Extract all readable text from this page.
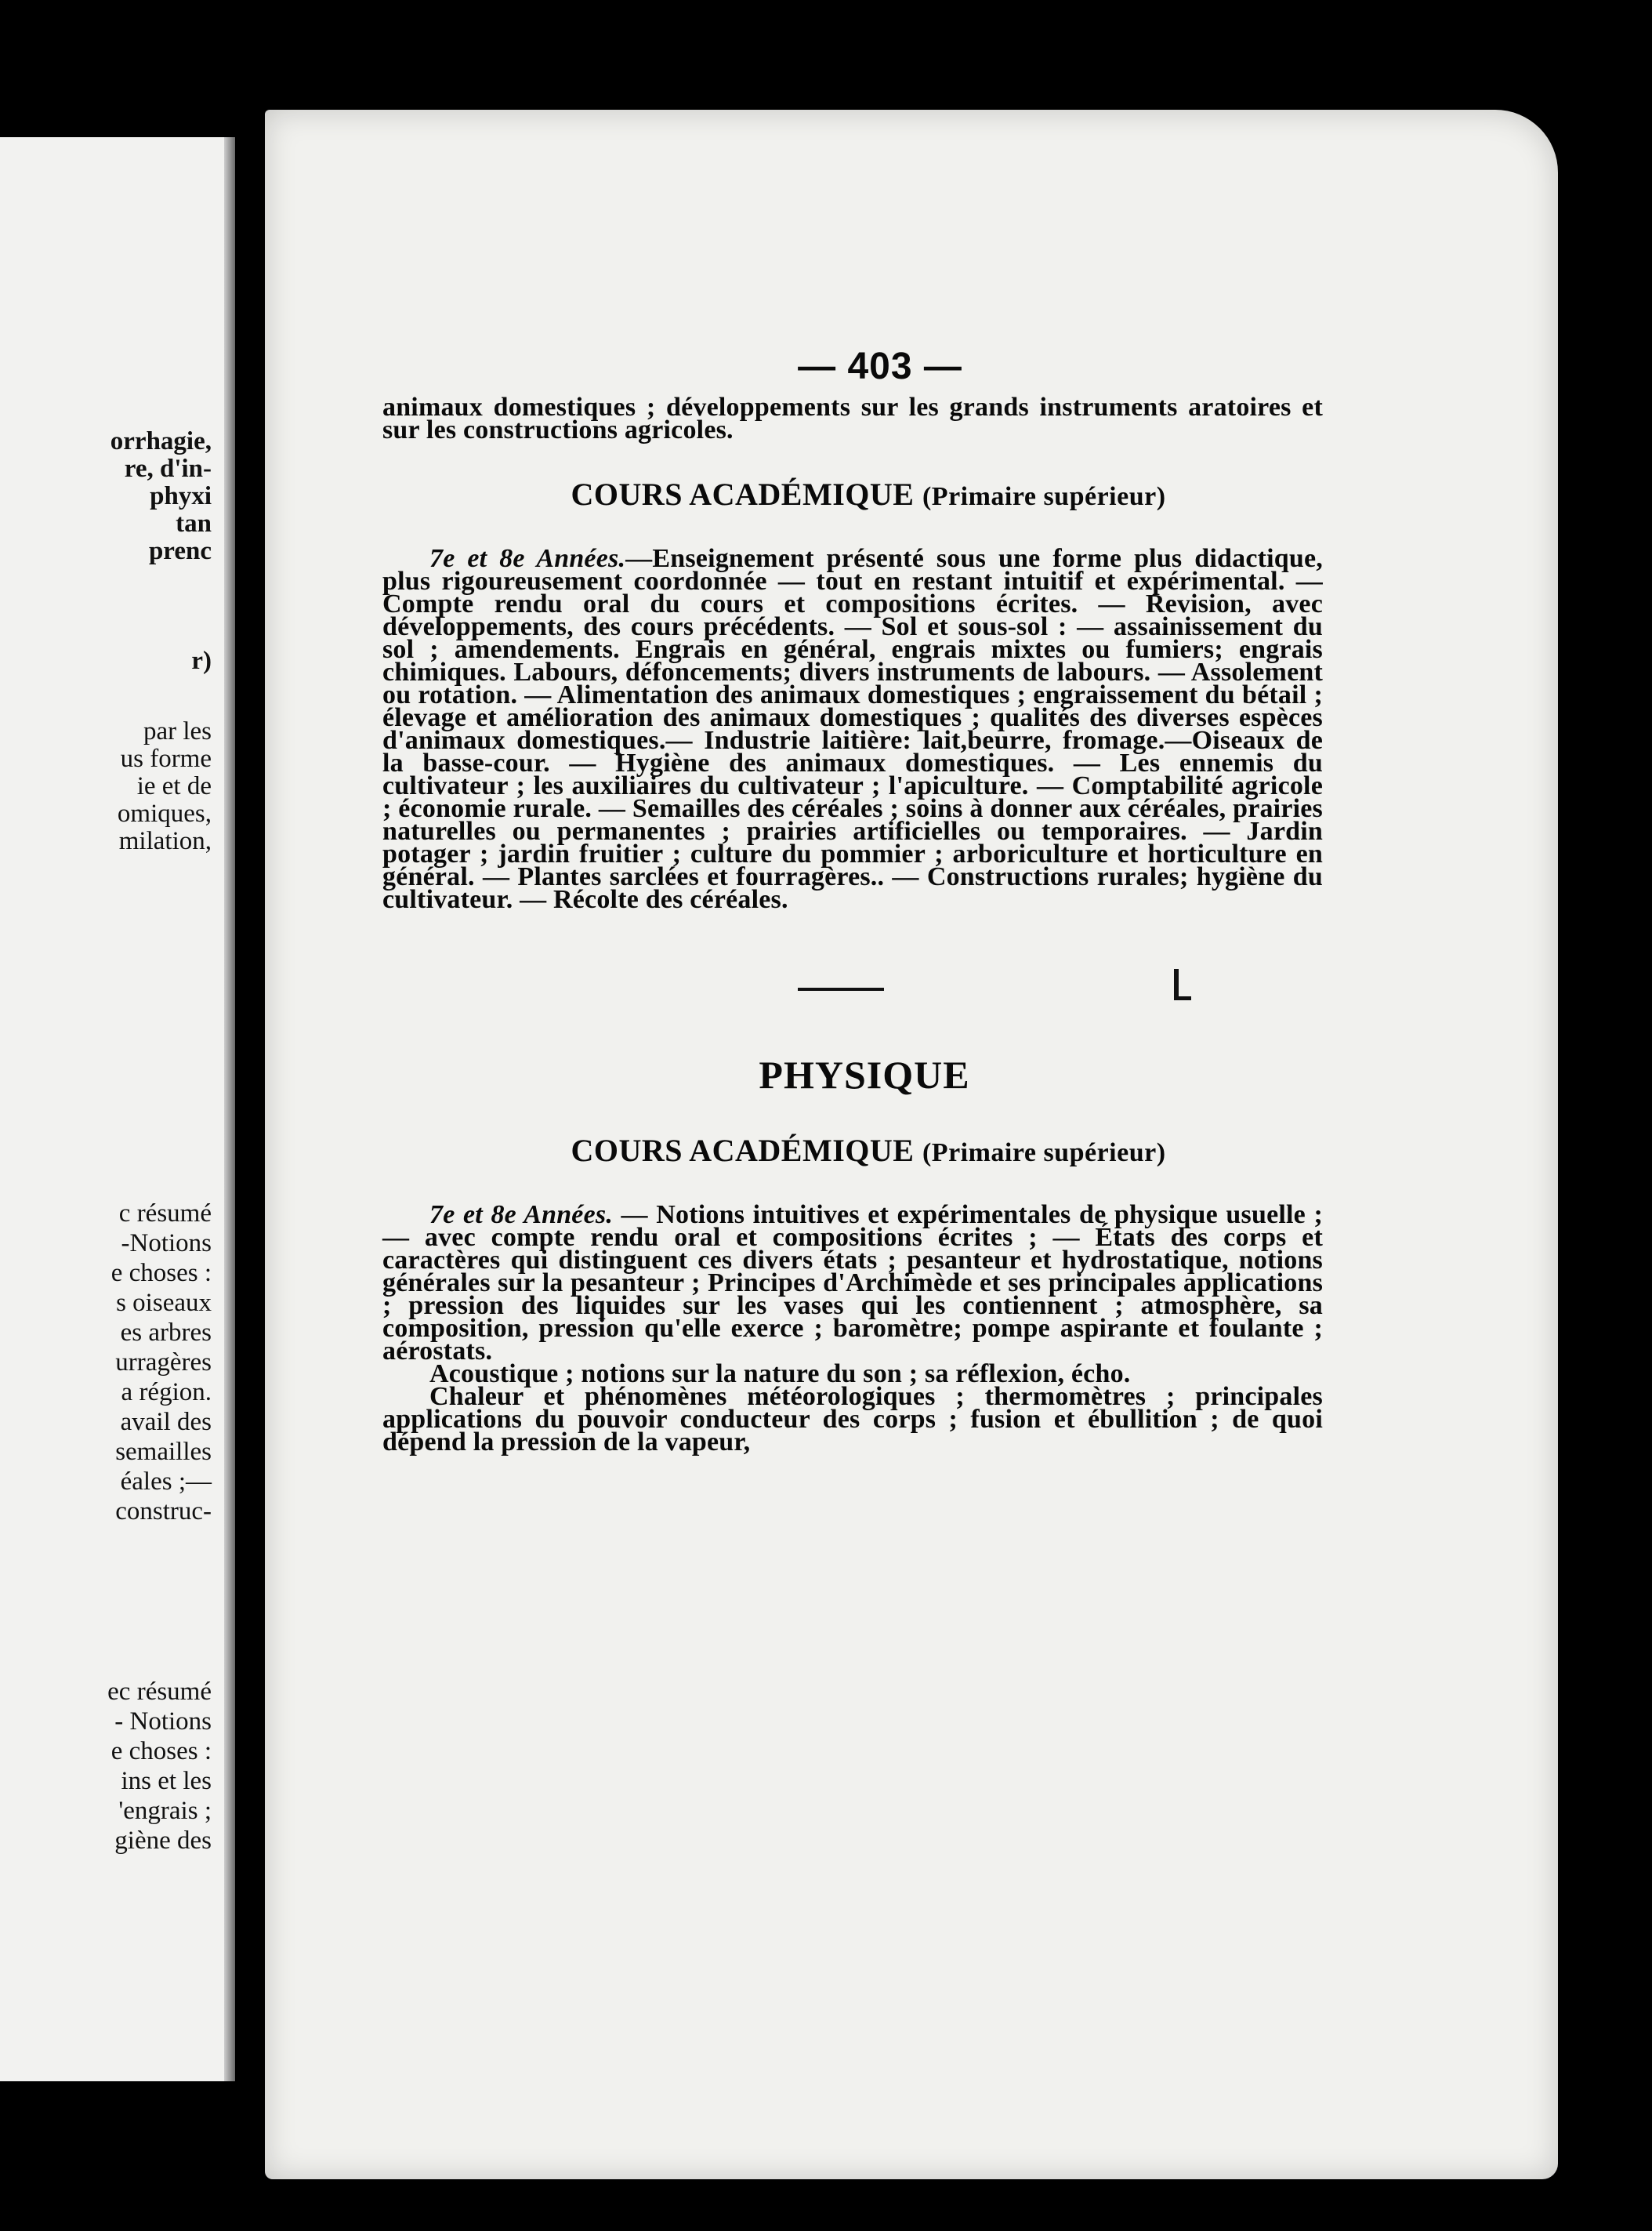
orrhagie,
re, d'in-
phyxi
tan
prenc
r)
par les
us forme
ie et de
omiques,
milation,
c résumé
-Notions
e choses :
s oiseaux
es arbres
urragères
a région.
avail des
semailles
éales ;—
construc-
ec résumé
- Notions
e choses :
ins et les
'engrais ;
giène des
— 403 —

animaux domestiques ; développements sur les grands instruments aratoires et sur les constructions agricoles.

COURS ACADÉMIQUE (Primaire supérieur)

7e et 8e Années.—Enseignement présenté sous une forme plus didactique, plus rigoureusement coordonnée — tout en restant intuitif et expérimental. — Compte rendu oral du cours et compositions écrites. — Revision, avec développements, des cours précédents. — Sol et sous-sol : — assainissement du sol ; amendements. Engrais en général, engrais mixtes ou fumiers; engrais chimiques. Labours, défoncements; divers instruments de labours. — Assolement ou rotation. — Alimentation des animaux domestiques ; engraissement du bétail ; élevage et amélioration des animaux domestiques ; qualités des diverses espèces d'animaux domestiques.— Industrie laitière: lait,beurre, fromage.—Oiseaux de la basse-cour. — Hygiène des animaux domestiques. — Les ennemis du cultivateur ; les auxiliaires du cultivateur ; l'apiculture. — Comptabilité agricole ; économie rurale. — Semailles des céréales ; soins à donner aux céréales, prairies naturelles ou permanentes ; prairies artificielles ou temporaires. — Jardin potager ; jardin fruitier ; culture du pommier ; arboriculture et horticulture en général. — Plantes sarclées et fourragères.. — Constructions rurales; hygiène du cultivateur. — Récolte des céréales.

PHYSIQUE
COURS ACADÉMIQUE (Primaire supérieur)

7e et 8e Années. — Notions intuitives et expérimentales de physique usuelle ; — avec compte rendu oral et compositions écrites ; — États des corps et caractères qui distinguent ces divers états ; pesanteur et hydrostatique, notions générales sur la pesanteur ; Principes d'Archimède et ses principales applications ; pression des liquides sur les vases qui les contiennent ; atmosphère, sa composition, pression qu'elle exerce ; baromètre; pompe aspirante et foulante ; aérostats.

Acoustique ; notions sur la nature du son ; sa réflexion, écho.

Chaleur et phénomènes météorologiques ; thermomètres ; principales applications du pouvoir conducteur des corps ; fusion et ébullition ; de quoi dépend la pression de la vapeur,
